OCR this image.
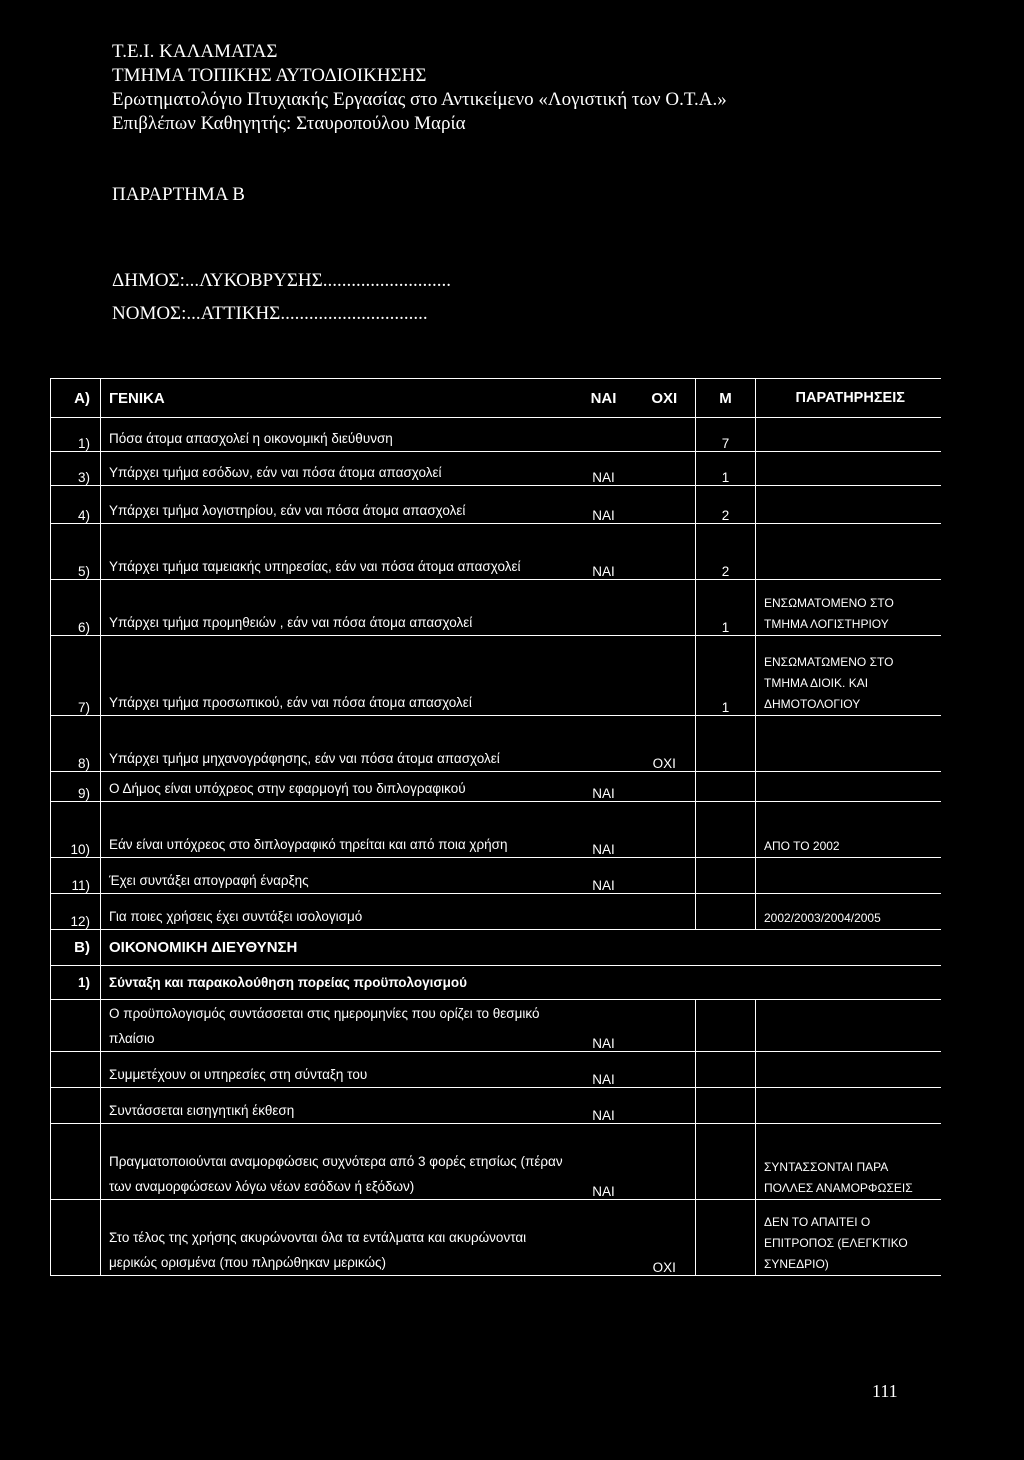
Τ.Ε.Ι. ΚΑΛΑΜΑΤΑΣ
ΤΜΗΜΑ ΤΟΠΙΚΗΣ ΑΥΤΟΔΙΟΙΚΗΣΗΣ
Ερωτηματολόγιο Πτυχιακής Εργασίας στο Αντικείμενο «Λογιστική των Ο.Τ.Α.»
Επιβλέπων Καθηγητής: Σταυροπούλου Μαρία
ΠΑΡΑΡΤΗΜΑ Β
ΔΗΜΟΣ:...ΛΥΚΟΒΡΥΣΗΣ...........................
ΝΟΜΟΣ:...ΑΤΤΙΚΗΣ...............................
Α)	ΓΕΝΙΚΑ	ΝΑΙ	ΟΧΙ	Μ	ΠΑΡΑΤΗΡΗΣΕΙΣ
1)	Πόσα άτομα απασχολεί η οικονομική διεύθυνση			7	
3)	Υπάρχει τμήμα εσόδων, εάν ναι πόσα άτομα απασχολεί	ΝΑΙ		1	
4)	Υπάρχει τμήμα λογιστηρίου, εάν ναι πόσα άτομα απασχολεί	ΝΑΙ		2	
5)	Υπάρχει τμήμα ταμειακής υπηρεσίας, εάν ναι πόσα άτομα απασχολεί	ΝΑΙ		2	
6)	Υπάρχει τμήμα προμηθειών , εάν ναι πόσα άτομα απασχολεί			1	ΕΝΣΩΜΑΤΟΜΕΝΟ ΣΤΟ ΤΜΗΜΑ ΛΟΓΙΣΤΗΡΙΟΥ
7)	Υπάρχει τμήμα προσωπικού, εάν ναι πόσα άτομα απασχολεί			1	ΕΝΣΩΜΑΤΩΜΕΝΟ ΣΤΟ ΤΜΗΜΑ ΔΙΟΙΚ. ΚΑΙ ΔΗΜΟΤΟΛΟΓΙΟΥ
8)	Υπάρχει τμήμα μηχανογράφησης, εάν ναι πόσα άτομα απασχολεί		ΟΧΙ		
9)	Ο Δήμος είναι υπόχρεος στην εφαρμογή του διπλογραφικού	ΝΑΙ			
10)	Εάν είναι υπόχρεος στο διπλογραφικό τηρείται και από ποια χρήση	ΝΑΙ			ΑΠΟ ΤΟ 2002
11)	Έχει συντάξει απογραφή έναρξης	ΝΑΙ			
12)	Για ποιες χρήσεις έχει συντάξει ισολογισμό				2002/2003/2004/2005
Β)	ΟΙΚΟΝΟΜΙΚΗ ΔΙΕΥΘΥΝΣΗ				
1)	Σύνταξη και παρακολούθηση πορείας προϋπολογισμού				
	Ο προϋπολογισμός συντάσσεται στις ημερομηνίες που ορίζει το θεσμικό πλαίσιο	ΝΑΙ			
	Συμμετέχουν οι υπηρεσίες στη σύνταξη του	ΝΑΙ			
	Συντάσσεται εισηγητική έκθεση	ΝΑΙ			
	Πραγματοποιούνται αναμορφώσεις συχνότερα από 3 φορές ετησίως (πέραν των αναμορφώσεων λόγω νέων εσόδων ή εξόδων)	ΝΑΙ			ΣΥΝΤΑΣΣΟΝΤΑΙ ΠΑΡΑ ΠΟΛΛΕΣ ΑΝΑΜΟΡΦΩΣΕΙΣ
	Στο τέλος της χρήσης ακυρώνονται όλα τα εντάλματα και ακυρώνονται μερικώς ορισμένα (που πληρώθηκαν μερικώς)		ΟΧΙ		ΔΕΝ ΤΟ ΑΠΑΙΤΕΙ Ο ΕΠΙΤΡΟΠΟΣ (ΕΛΕΓΚΤΙΚΟ ΣΥΝΕΔΡΙΟ)
111
